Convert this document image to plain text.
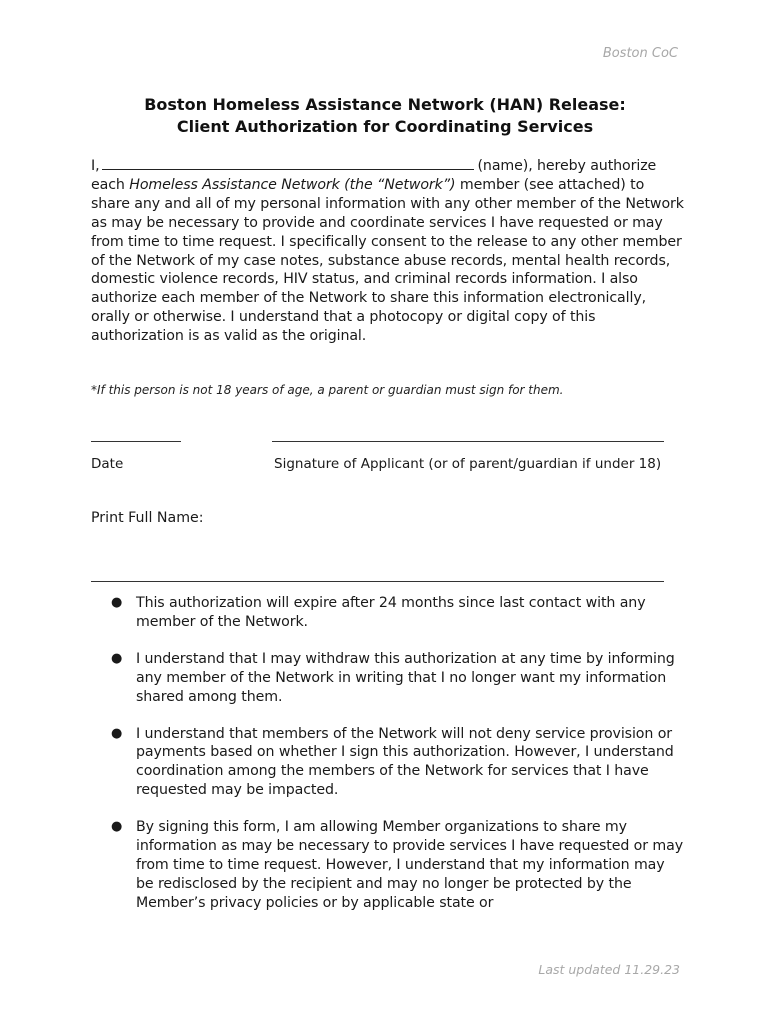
Boston CoC
Boston Homeless Assistance Network (HAN) Release:
Client Authorization for Coordinating Services
I,	(name), hereby authorize each Homeless Assistance Network (the “Network”) member (see attached) to share any and all of my personal information with any other member of the Network as may be necessary to provide and coordinate services I have requested or may from time to time request. I specifically consent to the release to any other member of the Network of my case notes, substance abuse records, mental health records, domestic violence records, HIV status, and criminal records information. I also authorize each member of the Network to share this information electronically, orally or otherwise. I understand that a photocopy or digital copy of this authorization is as valid as the original.
*If this person is not 18 years of age, a parent or guardian must sign for them.
Date	Signature of Applicant (or of parent/guardian if under 18)
Print Full Name:
● This authorization will expire after 24 months since last contact with any member of the Network.
● I understand that I may withdraw this authorization at any time by informing any member of the Network in writing that I no longer want my information shared among them.
● I understand that members of the Network will not deny service provision or payments based on whether I sign this authorization. However, I understand coordination among the members of the Network for services that I have requested may be impacted.
● By signing this form, I am allowing Member organizations to share my information as may be necessary to provide services I have requested or may from time to time request. However, I understand that my information may be redisclosed by the recipient and may no longer be protected by the Member’s privacy policies or by applicable state or
Last updated 11.29.23
